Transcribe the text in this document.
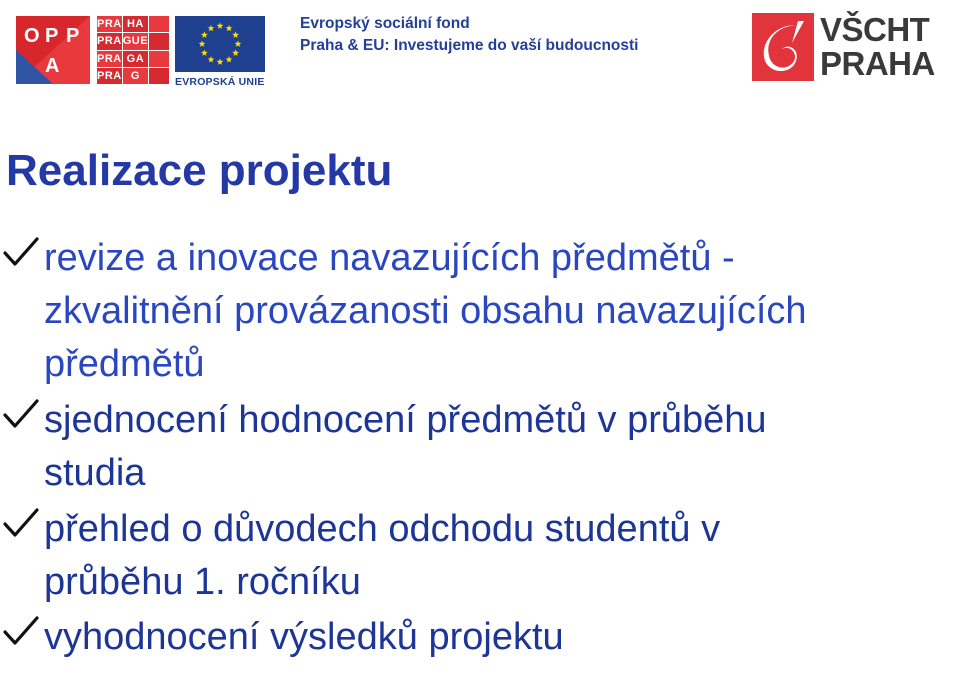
O P P
A
PRA HA
PRA GUE
PRA GA
PRA G
EVROPSKÁ UNIE
Evropský sociální fond
Praha & EU: Investujeme do vaší budoucnosti	VŠCHT
PRAHA
Realizace projektu
revize a inovace navazujících předmětů -
zkvalitnění provázanosti obsahu navazujících
předmětů
sjednocení hodnocení předmětů v průběhu
studia
přehled o důvodech odchodu studentů v
průběhu 1. ročníku
vyhodnocení výsledků projektu
